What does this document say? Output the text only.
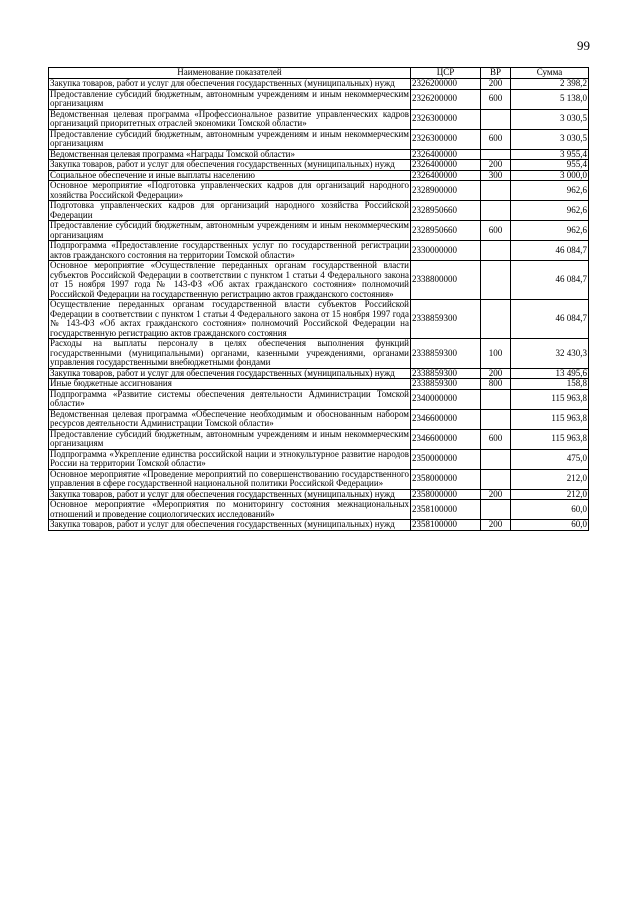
99
Наименование показателей	ЦСР	ВР	Сумма
Закупка товаров, работ и услуг для обеспечения государственных (муниципальных) нужд	2326200000	200	2 398,2
Предоставление субсидий бюджетным, автономным учреждениям и иным некоммерческим организациям	2326200000	600	5 138,0
Ведомственная целевая программа «Профессиональное развитие управленческих кадров организаций приоритетных отраслей экономики Томской области»	2326300000		3 030,5
Предоставление субсидий бюджетным, автономным учреждениям и иным некоммерческим организациям	2326300000	600	3 030,5
Ведомственная целевая программа «Награды Томской области»	2326400000		3 955,4
Закупка товаров, работ и услуг для обеспечения государственных (муниципальных) нужд	2326400000	200	955,4
Социальное обеспечение и иные выплаты населению	2326400000	300	3 000,0
Основное мероприятие «Подготовка управленческих кадров для организаций народного хозяйства Российской Федерации»	2328900000		962,6
Подготовка управленческих кадров для организаций народного хозяйства Российской Федерации	2328950660		962,6
Предоставление субсидий бюджетным, автономным учреждениям и иным некоммерческим организациям	2328950660	600	962,6
Подпрограмма «Предоставление государственных услуг по государственной регистрации актов гражданского состояния на территории Томской области»	2330000000		46 084,7
Основное мероприятие «Осуществление переданных органам государственной власти субъектов Российской Федерации в соответствии с пунктом 1 статьи 4 Федерального закона от 15 ноября 1997 года № 143-ФЗ «Об актах гражданского состояния» полномочий Российской Федерации на государственную регистрацию актов гражданского состояния»	2338800000		46 084,7
Осуществление переданных органам государственной власти субъектов Российской Федерации в соответствии с пунктом 1 статьи 4 Федерального закона от 15 ноября 1997 года № 143-ФЗ «Об актах гражданского состояния» полномочий Российской Федерации на государственную регистрацию актов гражданского состояния	2338859300		46 084,7
Расходы на выплаты персоналу в целях обеспечения выполнения функций государственными (муниципальными) органами, казенными учреждениями, органами управления государственными внебюджетными фондами	2338859300	100	32 430,3
Закупка товаров, работ и услуг для обеспечения государственных (муниципальных) нужд	2338859300	200	13 495,6
Иные бюджетные ассигнования	2338859300	800	158,8
Подпрограмма «Развитие системы обеспечения деятельности Администрации Томской области»	2340000000		115 963,8
Ведомственная целевая программа «Обеспечение необходимым и обоснованным набором ресурсов деятельности Администрации Томской области»	2346600000		115 963,8
Предоставление субсидий бюджетным, автономным учреждениям и иным некоммерческим организациям	2346600000	600	115 963,8
Подпрограмма «Укрепление единства российской нации и этнокультурное развитие народов России на территории Томской области»	2350000000		475,0
Основное мероприятие «Проведение мероприятий по совершенствованию государственного управления в сфере государственной национальной политики Российской Федерации»	2358000000		212,0
Закупка товаров, работ и услуг для обеспечения государственных (муниципальных) нужд	2358000000	200	212,0
Основное мероприятие «Мероприятия по мониторингу состояния межнациональных отношений и проведение социологических исследований»	2358100000		60,0
Закупка товаров, работ и услуг для обеспечения государственных (муниципальных) нужд	2358100000	200	60,0
